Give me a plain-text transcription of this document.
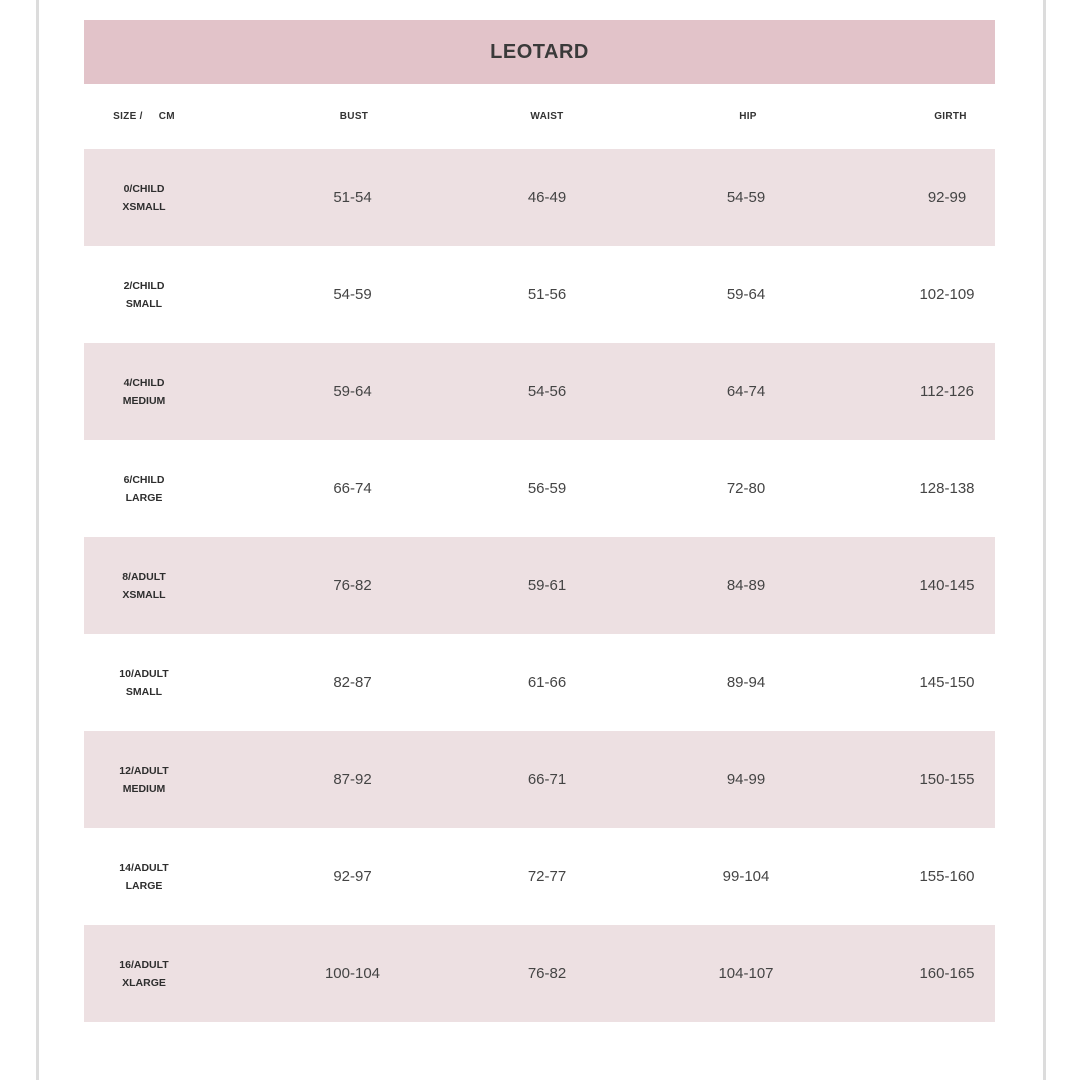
LEOTARD
SIZE / CM	BUST	WAIST	HIP	GIRTH
0/CHILD
XSMALL
51-54	46-49	54-59	92-99
2/CHILD
SMALL
54-59	51-56	59-64	102-109
4/CHILD
MEDIUM
59-64	54-56	64-74	112-126
6/CHILD
LARGE
66-74	56-59	72-80	128-138
8/ADULT
XSMALL
76-82	59-61	84-89	140-145
10/ADULT
SMALL
82-87	61-66	89-94	145-150
12/ADULT
MEDIUM
87-92	66-71	94-99	150-155
14/ADULT
LARGE
92-97	72-77	99-104	155-160
16/ADULT
XLARGE
100-104	76-82	104-107	160-165
